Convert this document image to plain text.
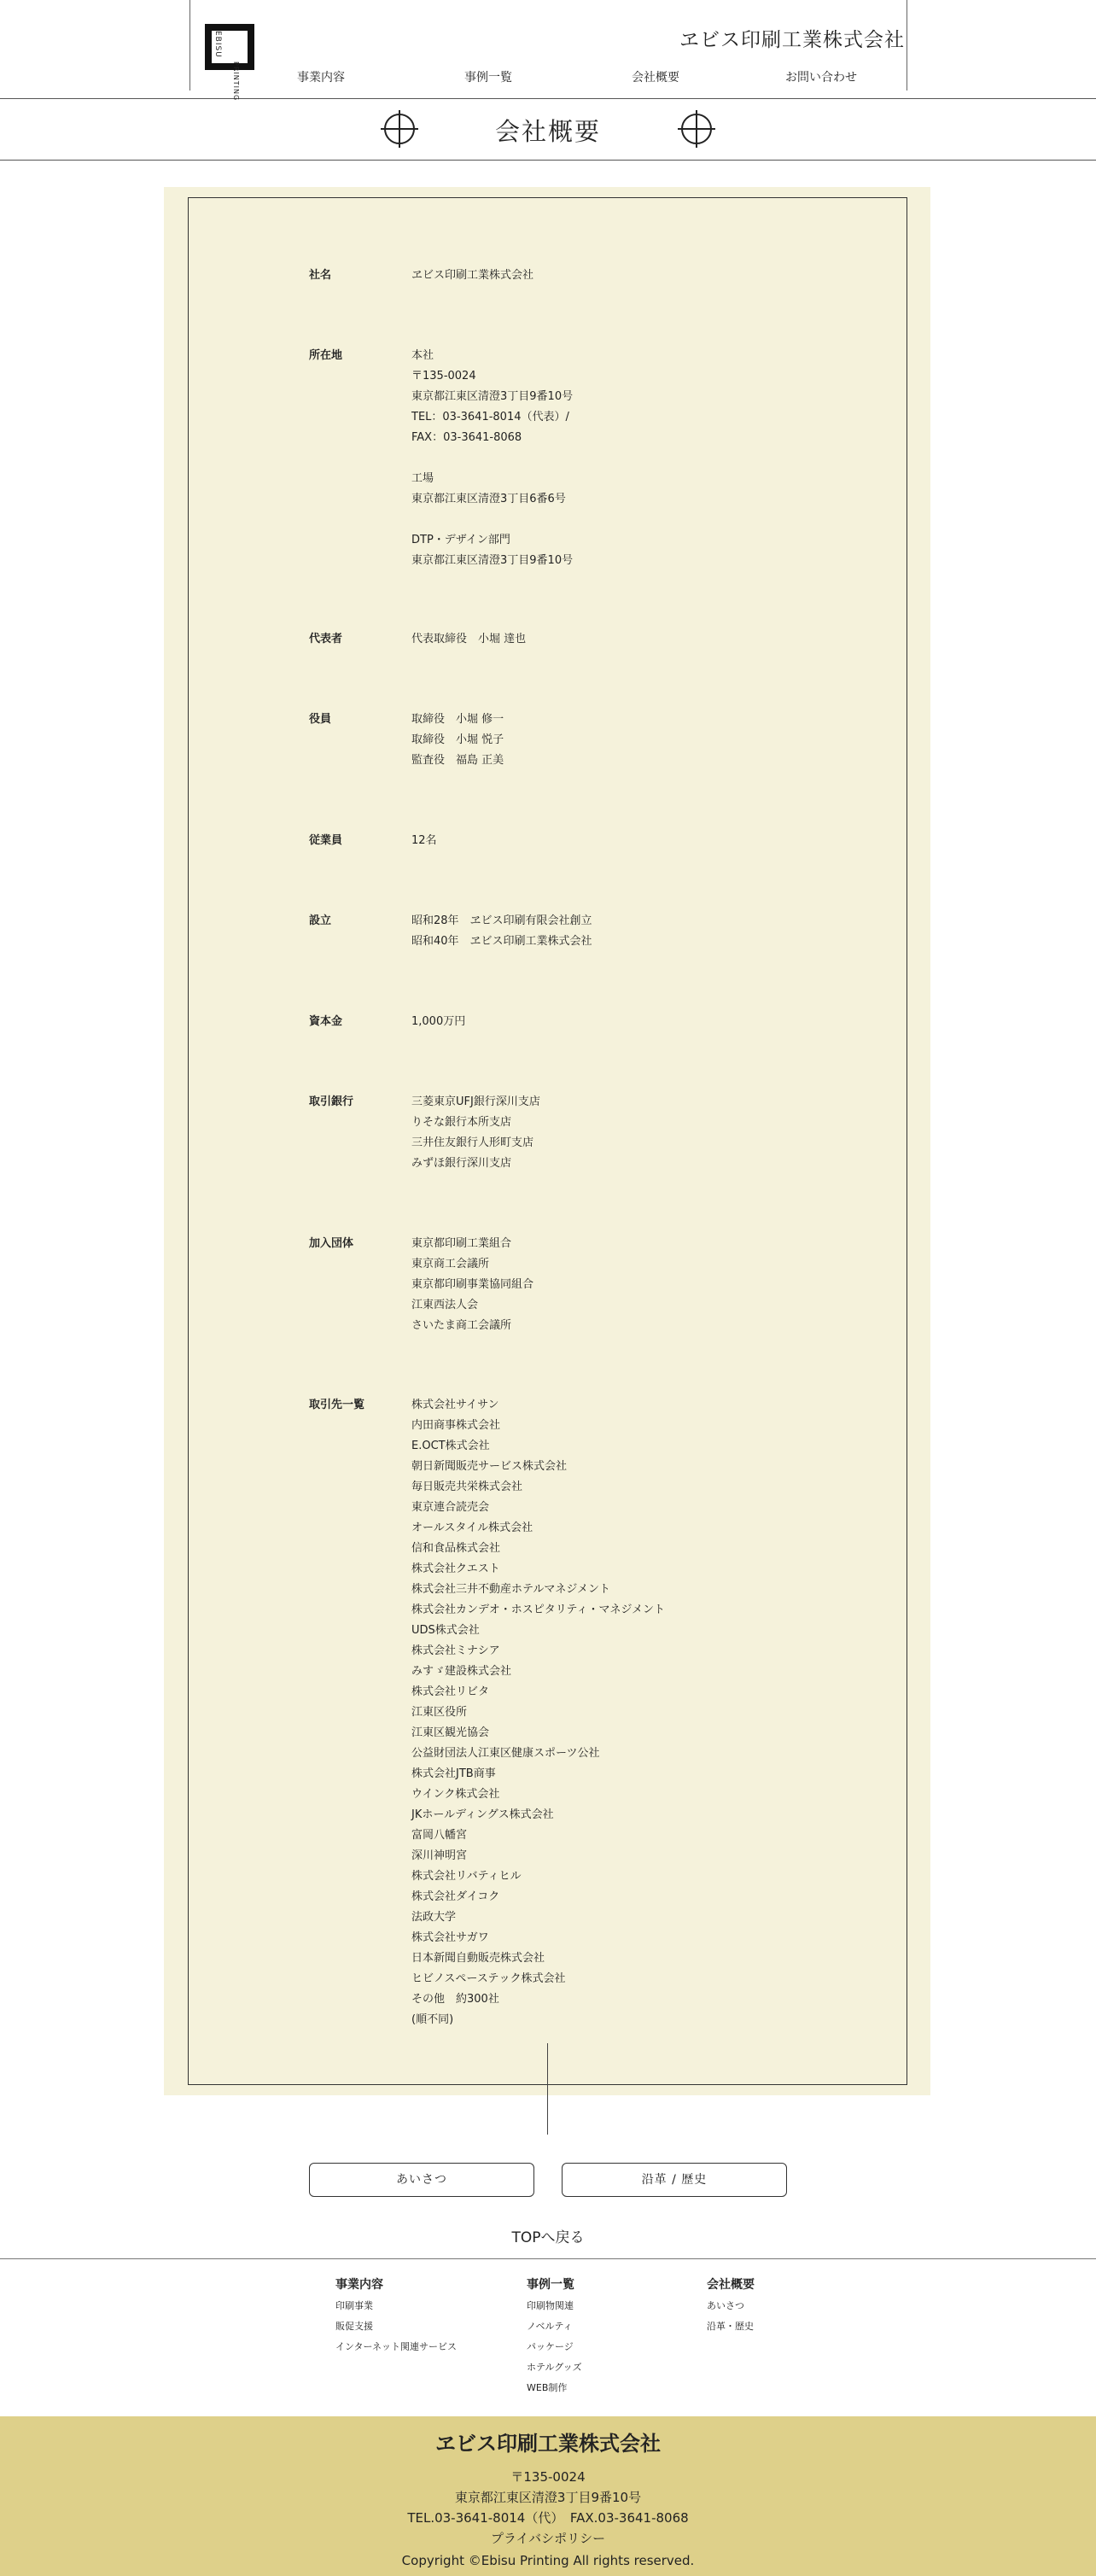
EBISU
PRINTING
ヱビス印刷工業株式会社
事業内容	事例一覧	会社概要	お問い合わせ
会社概要
社名	ヱビス印刷工業株式会社
所在地	本社
〒135-0024
東京都江東区清澄3丁目9番10号
TEL：03-3641-8014（代表）/
FAX：03-3641-8068
工場
東京都江東区清澄3丁目6番6号
DTP・デザイン部門
東京都江東区清澄3丁目9番10号
代表者	代表取締役　小堀 達也
役員	取締役　小堀 修一
取締役　小堀 悦子
監査役　福島 正美
従業員	12名
設立	昭和28年　ヱビス印刷有限会社創立
昭和40年　ヱビス印刷工業株式会社
資本金	1,000万円
取引銀行	三菱東京UFJ銀行深川支店
りそな銀行本所支店
三井住友銀行人形町支店
みずほ銀行深川支店
加入団体	東京都印刷工業組合
東京商工会議所
東京都印刷事業協同組合
江東西法人会
さいたま商工会議所
取引先一覧	株式会社サイサン
内田商事株式会社
E.OCT株式会社
朝日新聞販売サービス株式会社
毎日販売共栄株式会社
東京連合読売会
オールスタイル株式会社
信和食品株式会社
株式会社クエスト
株式会社三井不動産ホテルマネジメント
株式会社カンデオ・ホスピタリティ・マネジメント
UDS株式会社
株式会社ミナシア
みすゞ建設株式会社
株式会社リビタ
江東区役所
江東区観光協会
公益財団法人江東区健康スポーツ公社
株式会社JTB商事
ウインク株式会社
JKホールディングス株式会社
富岡八幡宮
深川神明宮
株式会社リバティヒル
株式会社ダイコク
法政大学
株式会社サガワ
日本新聞自動販売株式会社
ヒビノスペーステック株式会社
その他　約300社
(順不同)
あいさつ	沿革 / 歴史
TOPへ戻る
事業内容
印刷事業
販促支援
インターネット関連サービス
事例一覧
印刷物関連
ノベルティ
パッケージ
ホテルグッズ
WEB制作
会社概要
あいさつ
沿革・歴史
ヱビス印刷工業株式会社
〒135-0024
東京都江東区清澄3丁目9番10号
TEL.03-3641-8014（代）　FAX.03-3641-8068
プライバシポリシー
Copyright ©Ebisu Printing All rights reserved.
